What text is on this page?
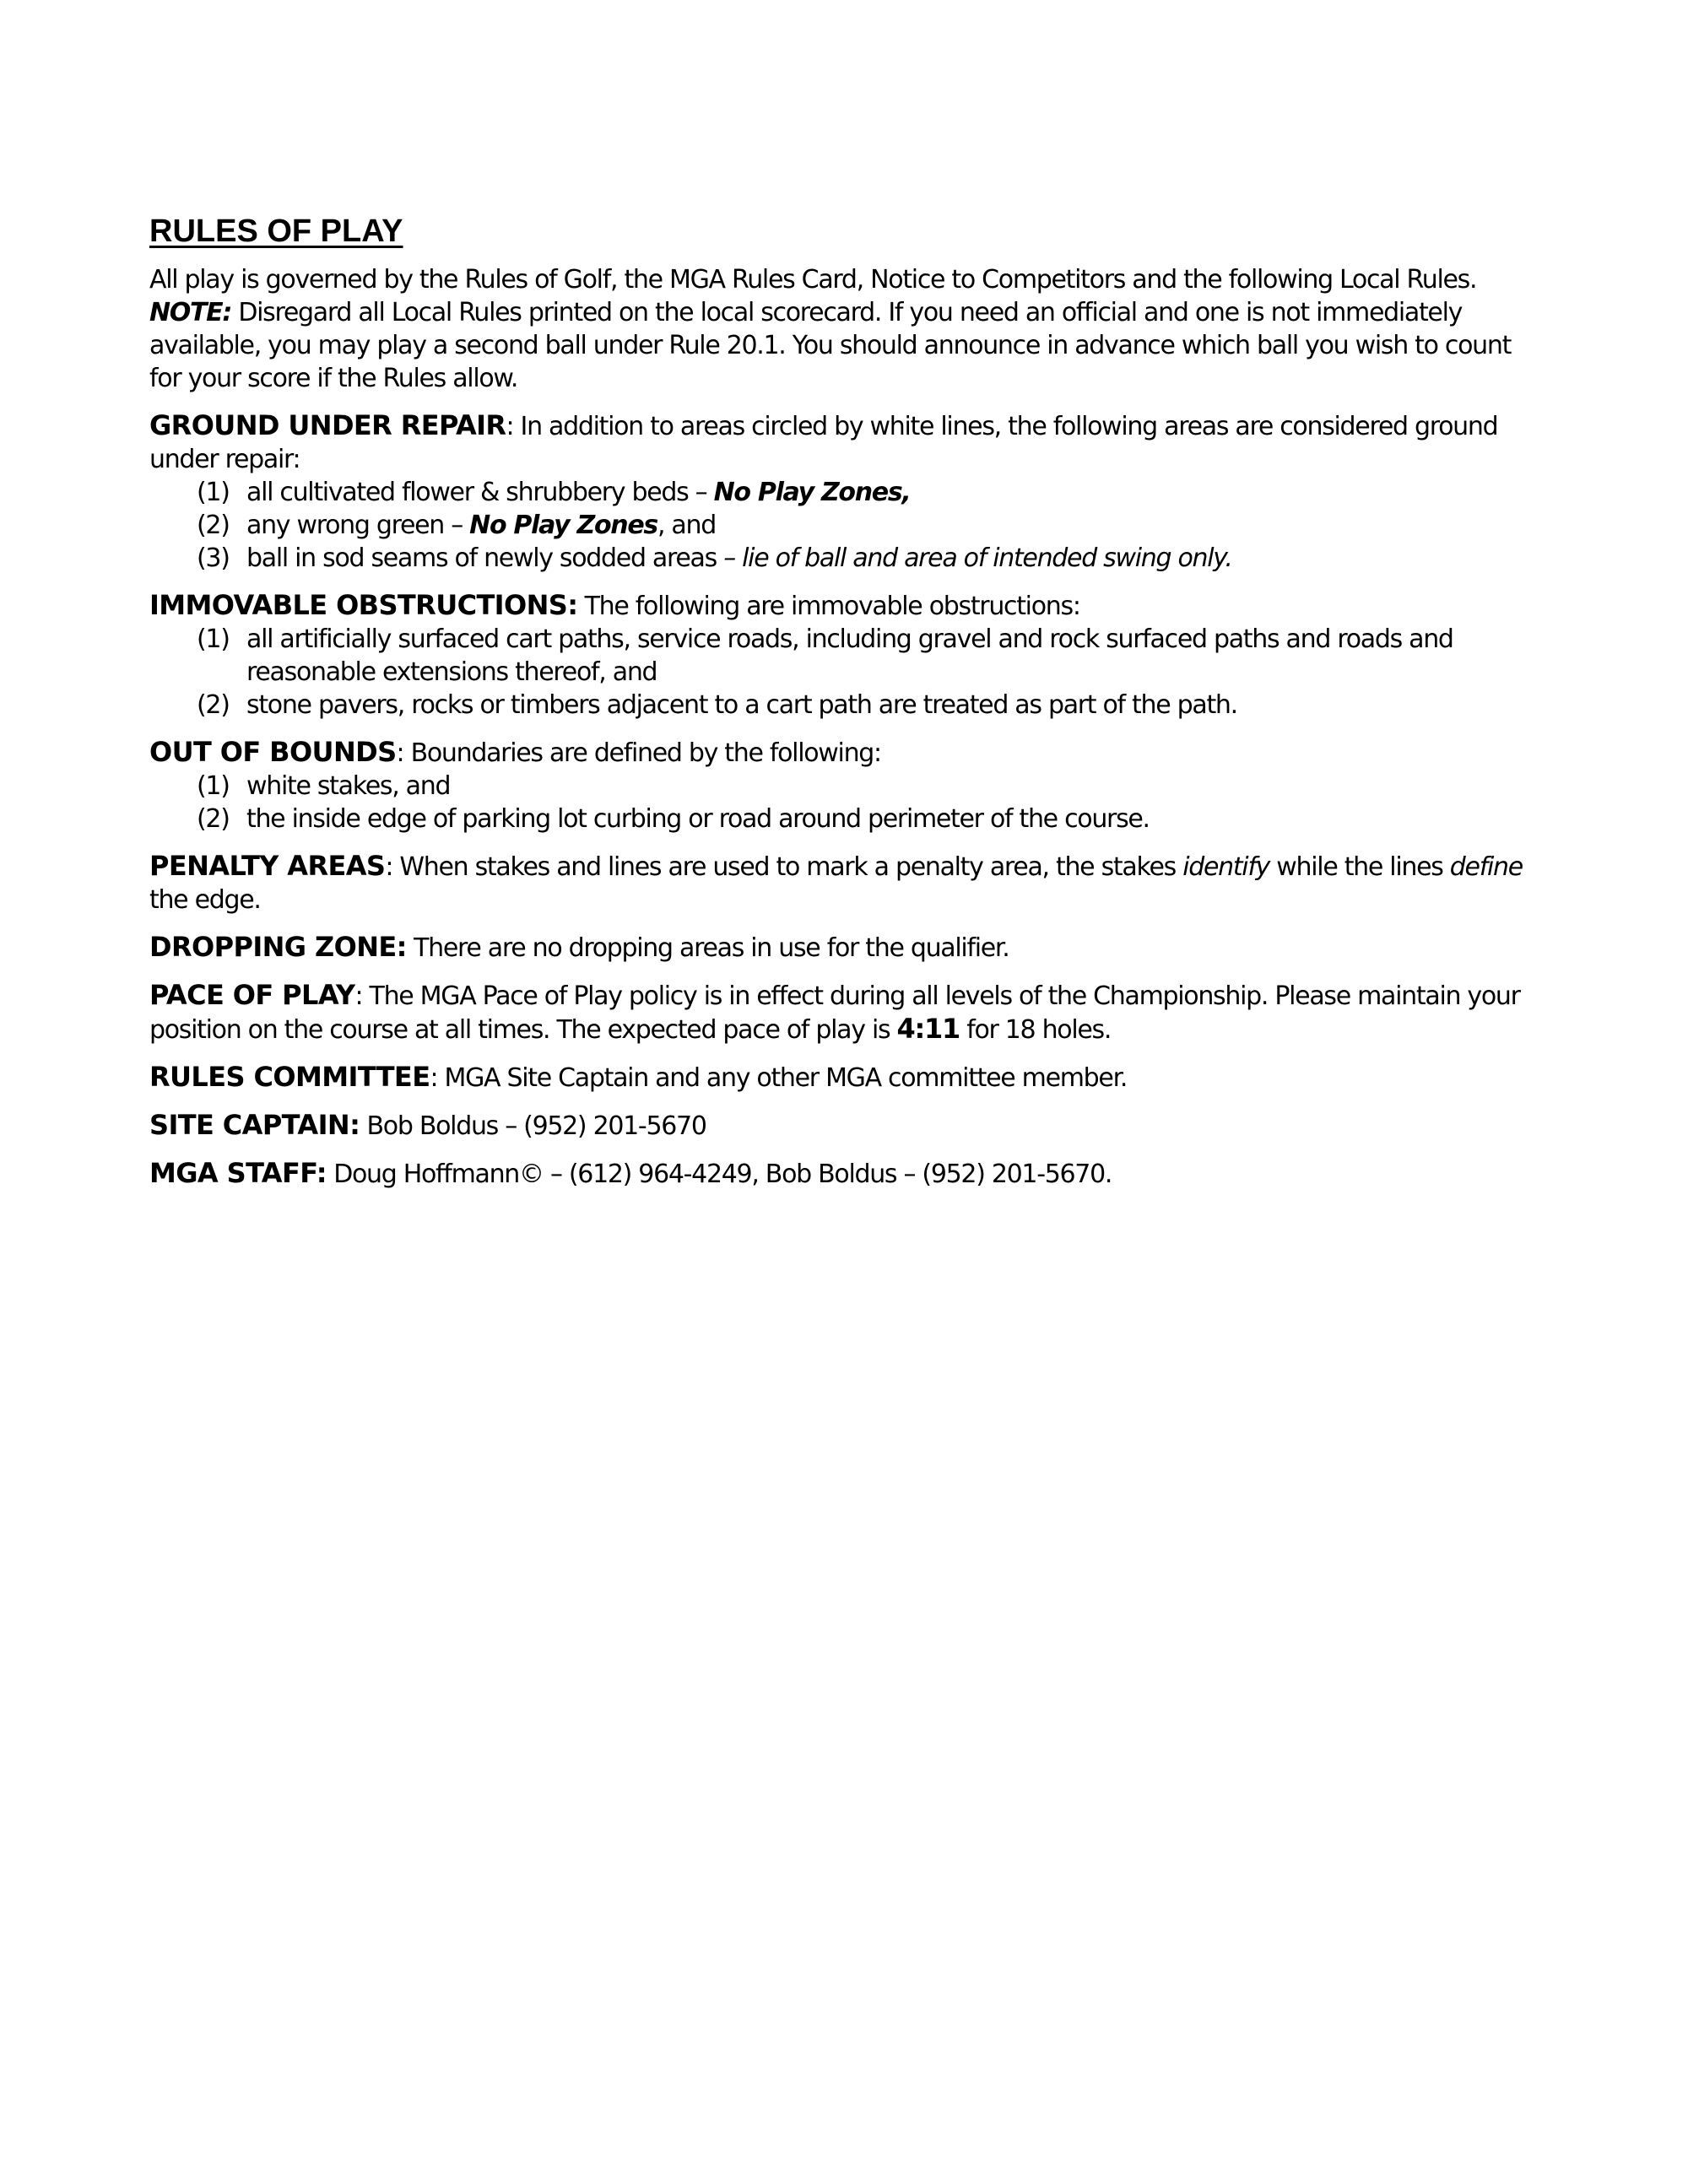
RULES OF PLAY

All play is governed by the Rules of Golf, the MGA Rules Card, Notice to Competitors and the following Local Rules. NOTE: Disregard all Local Rules printed on the local scorecard. If you need an official and one is not immediately available, you may play a second ball under Rule 20.1. You should announce in advance which ball you wish to count for your score if the Rules allow.

GROUND UNDER REPAIR: In addition to areas circled by white lines, the following areas are considered ground under repair:

(1) all cultivated flower & shrubbery beds – No Play Zones,
(2) any wrong green – No Play Zones, and
(3) ball in sod seams of newly sodded areas – lie of ball and area of intended swing only.

IMMOVABLE OBSTRUCTIONS: The following are immovable obstructions:

(1) all artificially surfaced cart paths, service roads, including gravel and rock surfaced paths and roads and reasonable extensions thereof, and
(2) stone pavers, rocks or timbers adjacent to a cart path are treated as part of the path.

OUT OF BOUNDS: Boundaries are defined by the following:

(1) white stakes, and
(2) the inside edge of parking lot curbing or road around perimeter of the course.

PENALTY AREAS: When stakes and lines are used to mark a penalty area, the stakes identify while the lines define the edge.

DROPPING ZONE: There are no dropping areas in use for the qualifier.

PACE OF PLAY: The MGA Pace of Play policy is in effect during all levels of the Championship. Please maintain your position on the course at all times. The expected pace of play is 4:11 for 18 holes.

RULES COMMITTEE: MGA Site Captain and any other MGA committee member.

SITE CAPTAIN: Bob Boldus – (952) 201-5670

MGA STAFF: Doug Hoffmann© – (612) 964-4249, Bob Boldus – (952) 201-5670.
